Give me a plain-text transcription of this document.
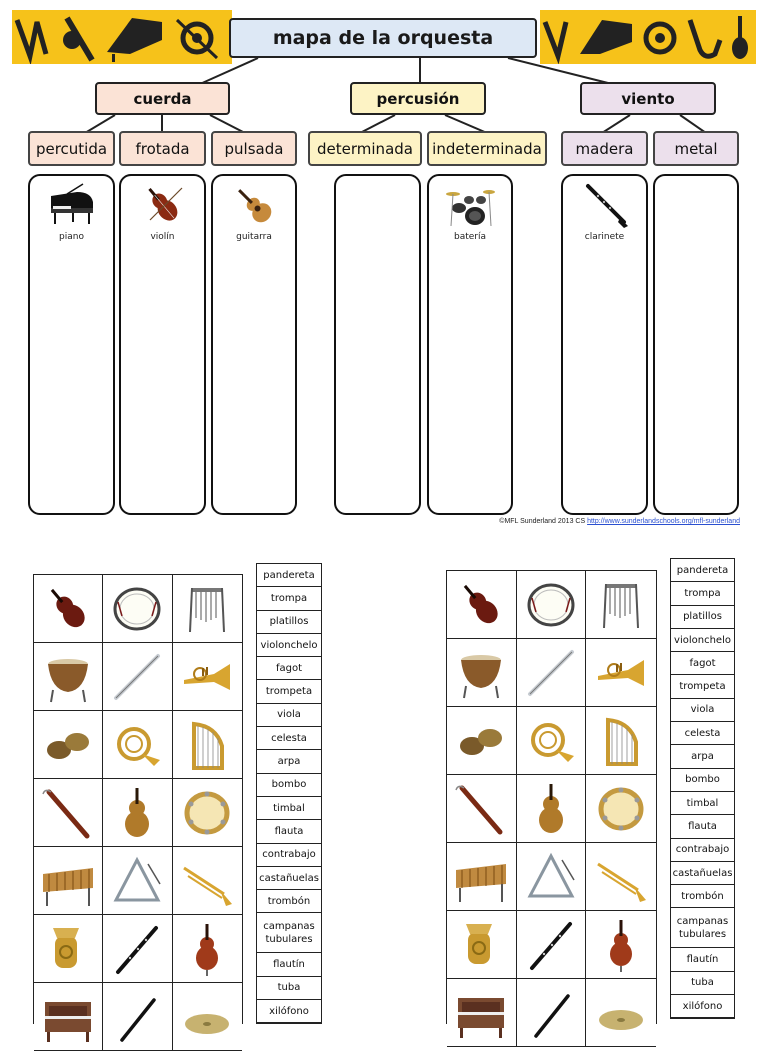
mapa de la orquesta
cuerda	percusión	viento
percutida frotada pulsada determinada indeterminada madera	metal
piano	violín	guitarra	batería	clarinete
©MFL Sunderland 2013 CS http://www.sunderlandschools.org/mfl-sunderland
pandereta
trompa
platillos
violonchelo
fagot
trompeta
viola
celesta
arpa
bombo
timbal
flauta
contrabajo
castañuelas
trombón
campanas tubulares
flautín
tuba
xilófono
pandereta
trompa
platillos
violonchelo
fagot
trompeta
viola
celesta
arpa
bombo
timbal
flauta
contrabajo
castañuelas
trombón
campanas tubulares
flautín
tuba
xilófono
